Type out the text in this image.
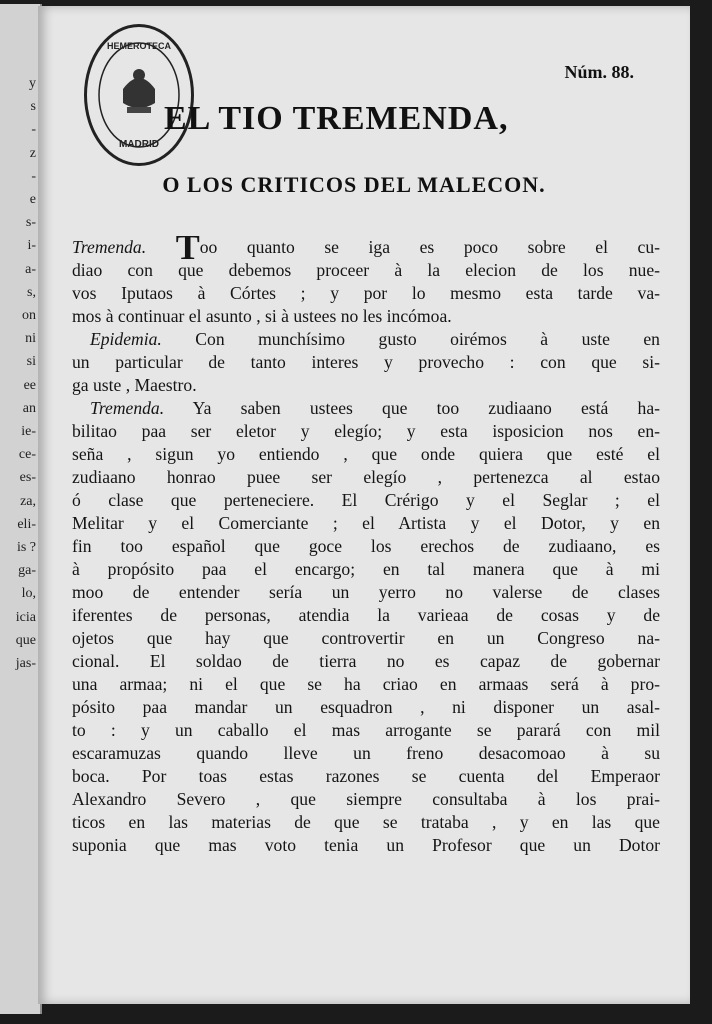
y
s
-
z
-
e
s-
i-
a-
s,
on
ni
si
ee
an
ie-
ce-
es-
za,
eli-
is ?
ga-
lo,
icia
que
jas-
HEMEROTECA
MADRID
Núm. 88.
EL TIO TREMENDA,
O LOS CRITICOS DEL MALECON.
Tremenda. Too quanto se iga es poco sobre el cu-
diao con que debemos proceer à la elecion de los nue-
vos Iputaos à Córtes ; y por lo mesmo esta tarde va-
mos à continuar el asunto , si à ustees no les incómoa.
Epidemia. Con munchísimo gusto oirémos à uste en
un particular de tanto interes y provecho : con que si-
ga uste , Maestro.
Tremenda. Ya saben ustees que too zudiaano está ha-
bilitao paa ser eletor y elegío; y esta isposicion nos en-
seña , sigun yo entiendo , que onde quiera que esté el
zudiaano honrao puee ser elegío , pertenezca al estao
ó clase que perteneciere. El Crérigo y el Seglar ; el
Melitar y el Comerciante ; el Artista y el Dotor, y en
fin too español que goce los erechos de zudiaano, es
à propósito paa el encargo; en tal manera que à mi
moo de entender sería un yerro no valerse de clases
iferentes de personas, atendia la varieaa de cosas y de
ojetos que hay que controvertir en un Congreso na-
cional. El soldao de tierra no es capaz de gobernar
una armaa; ni el que se ha criao en armaas será à pro-
pósito paa mandar un esquadron , ni disponer un asal-
to : y un caballo el mas arrogante se parará con mil
escaramuzas quando lleve un freno desacomoao à su
boca. Por toas estas razones se cuenta del Emperaor
Alexandro Severo , que siempre consultaba à los prai-
ticos en las materias de que se trataba , y en las que
suponia que mas voto tenia un Profesor que un Dotor
